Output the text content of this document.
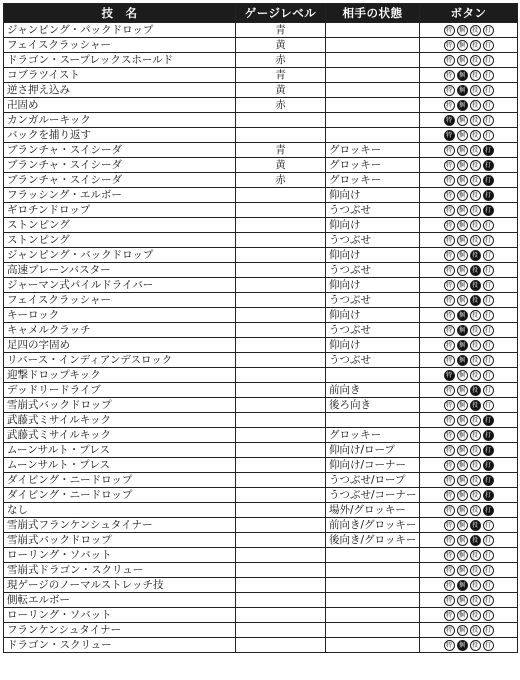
技　名	ゲージレベル	相手の状態	ボタン
ジャンピング・パックドロップ	青		特 掴 投 打

フェイスクラッシャー	黄		特 掴 投 打

ドラゴン・スープレックスホールド	赤		特 掴 投 打

コブラツイスト	青		特 掴 投 打

逆さ押え込み	黄		特 掴 投 打

卍固め	赤		特 掴 投 打

カンガルーキック			特 掴 投 打

バックを捕り返す			特 掴 投 打

ブランチャ・スイシーダ	青	グロッキー	特 掴 投 打

ブランチャ・スイシーダ	黄	グロッキー	特 掴 投 打

ブランチャ・スイシーダ	赤	グロッキー	特 掴 投 打

フラッシング・エルボー		仰向け	特 掴 投 打

ギロチンドロップ		うつぶせ	特 掴 投 打

ストンピング		仰向け	特 掴 投 打

ストンピング		うつぶせ	特 掴 投 打

ジャンピング・バックドロップ		仰向け	特 掴 投 打

高速ブレーンバスター		うつぶせ	特 掴 投 打

ジャーマン式パイルドライバー		仰向け	特 掴 投 打

フェイスクラッシャー		うつぶせ	特 掴 投 打

キーロック		仰向け	特 掴 投 打

キャメルクラッチ		うつぶせ	特 掴 投 打

足四の字固め		仰向け	特 掴 投 打

リバース・インディアンデスロック		うつぶせ	特 掴 投 打

迎撃ドロップキック			特 掴 投 打

デッドリードライブ		前向き	特 掴 投 打

雪崩式バックドロップ		後ろ向き	特 掴 投 打

武藤式ミサイルキック			特 掴 投 打

武藤式ミサイルキック		グロッキー	特 掴 投 打

ムーンサルト・プレス		仰向け/ロープ	特 掴 投 打

ムーンサルト・プレス		仰向け/コーナー	特 掴 投 打

ダイビング・ニードロップ		うつぶせ/ロープ	特 掴 投 打

ダイビング・ニードロップ		うつぶせ/コーナー	特 掴 投 打

なし		場外/グロッキー	特 掴 投 打

雪崩式フランケンシュタイナー		前向き/グロッキー	特 掴 投 打

雪崩式バックドロップ		後向き/グロッキー	特 掴 投 打

ローリング・ソバット			特 掴 投 打

雪崩式ドラゴン・スクリュー			特 掴 投 打

現ゲージのノーマルストレッチ技			特 掴 投 打

側転エルボー			特 掴 投 打

ローリング・ソバット			特 掴 投 打

フランケンシュタイナー			特 掴 投 打

ドラゴン・スクリュー			特 掴 投 打
